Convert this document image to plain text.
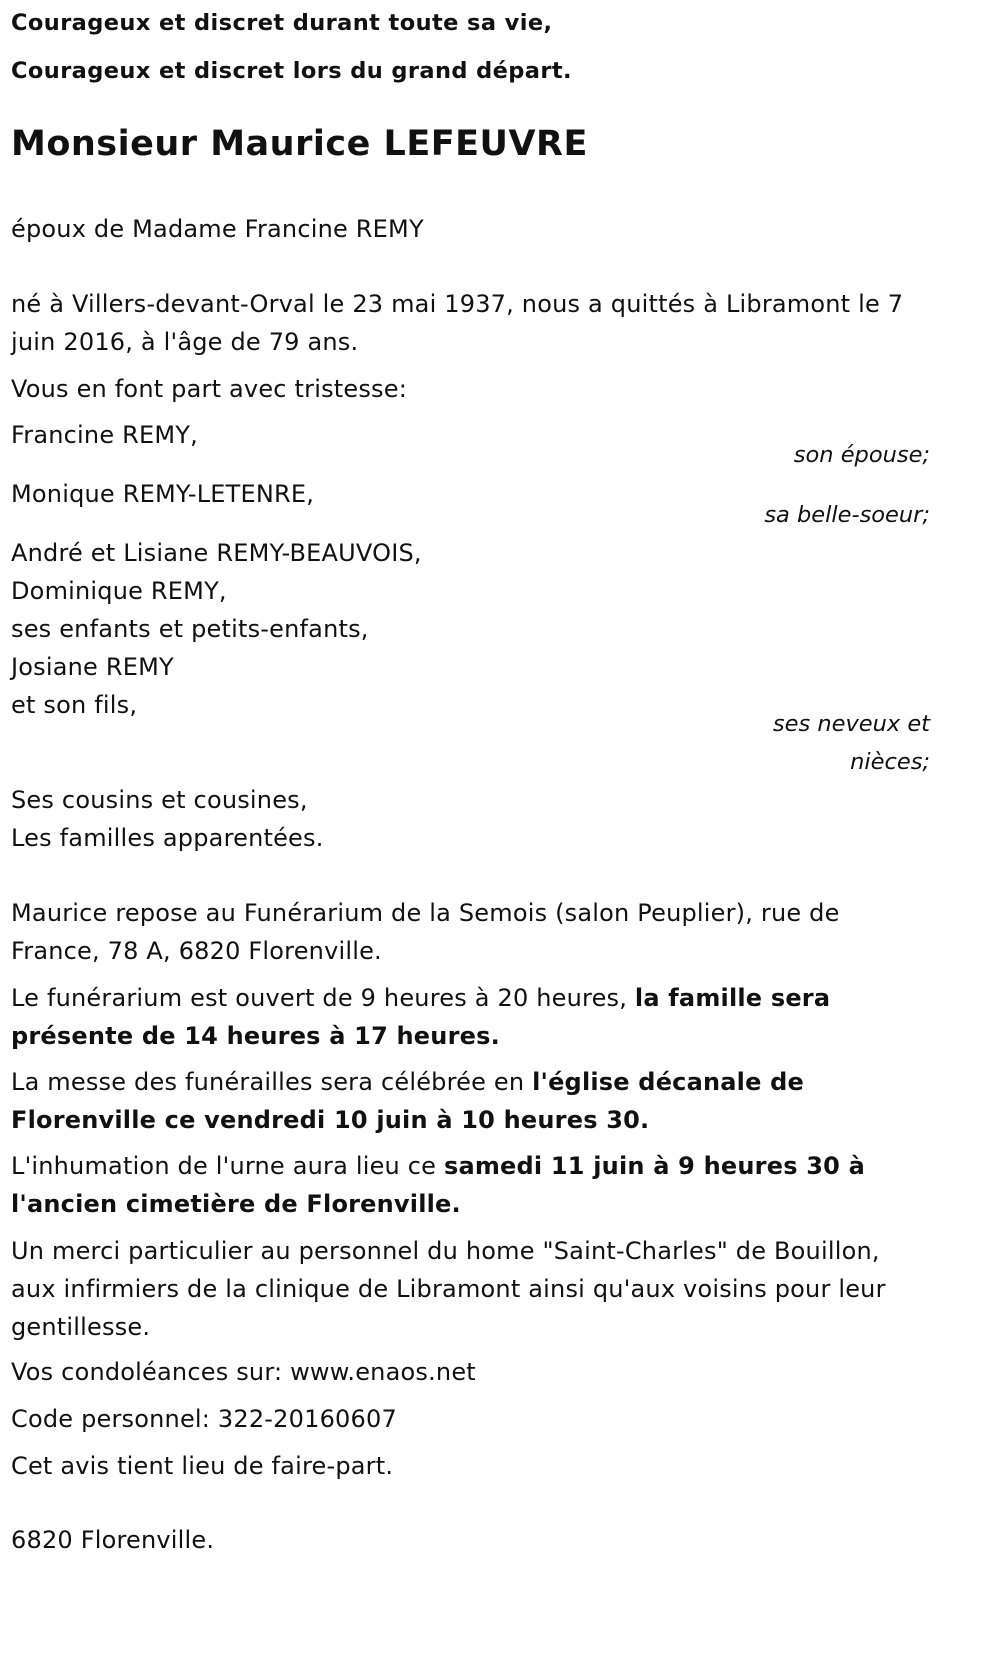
Courageux et discret durant toute sa vie,

Courageux et discret lors du grand départ.

Monsieur Maurice LEFEUVRE

époux de Madame Francine REMY

né à Villers-devant-Orval le 23 mai 1937, nous a quittés à Libramont le 7

juin 2016, à l'âge de 79 ans.

Vous en font part avec tristesse:

Francine REMY,

son épouse;

Monique REMY-LETENRE,

sa belle-soeur;

André et Lisiane REMY-BEAUVOIS,

Dominique REMY,

ses enfants et petits-enfants,

Josiane REMY

et son fils,

ses neveux et

nièces;

Ses cousins et cousines,

Les familles apparentées.

Maurice repose au Funérarium de la Semois (salon Peuplier), rue de

France, 78 A, 6820 Florenville.

Le funérarium est ouvert de 9 heures à 20 heures, la famille sera

présente de 14 heures à 17 heures.

La messe des funérailles sera célébrée en l'église décanale de

Florenville ce vendredi 10 juin à 10 heures 30.

L'inhumation de l'urne aura lieu ce samedi 11 juin à 9 heures 30 à

l'ancien cimetière de Florenville.

Un merci particulier au personnel du home "Saint-Charles" de Bouillon,

aux infirmiers de la clinique de Libramont ainsi qu'aux voisins pour leur

gentillesse.

Vos condoléances sur: www.enaos.net

Code personnel: 322-20160607

Cet avis tient lieu de faire-part.

6820 Florenville.
